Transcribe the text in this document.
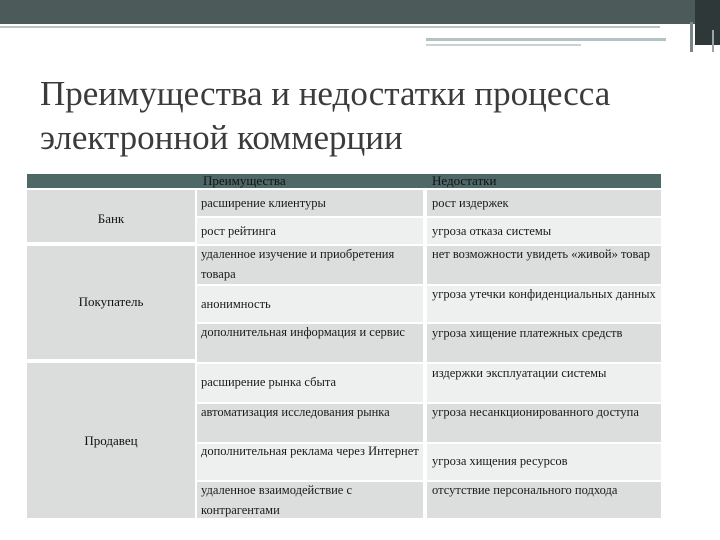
Преимущества и недостатки процесса электронной коммерции
Преимущества	Недостатки
Банк
Покупатель
Продавец
расширение клиентуры
рост рейтинга
удаленное изучение и приобретения товара
анонимность
дополнительная информация и сервис
расширение рынка сбыта
автоматизация исследования рынка
дополнительная реклама через Интернет
удаленное взаимодействие с контрагентами
рост издержек
угроза отказа системы
нет возможности увидеть «живой» товар
угроза утечки конфиденциальных данных
угроза хищение платежных средств
издержки эксплуатации системы
угроза несанкционированного доступа
угроза хищения ресурсов
отсутствие персонального подхода
